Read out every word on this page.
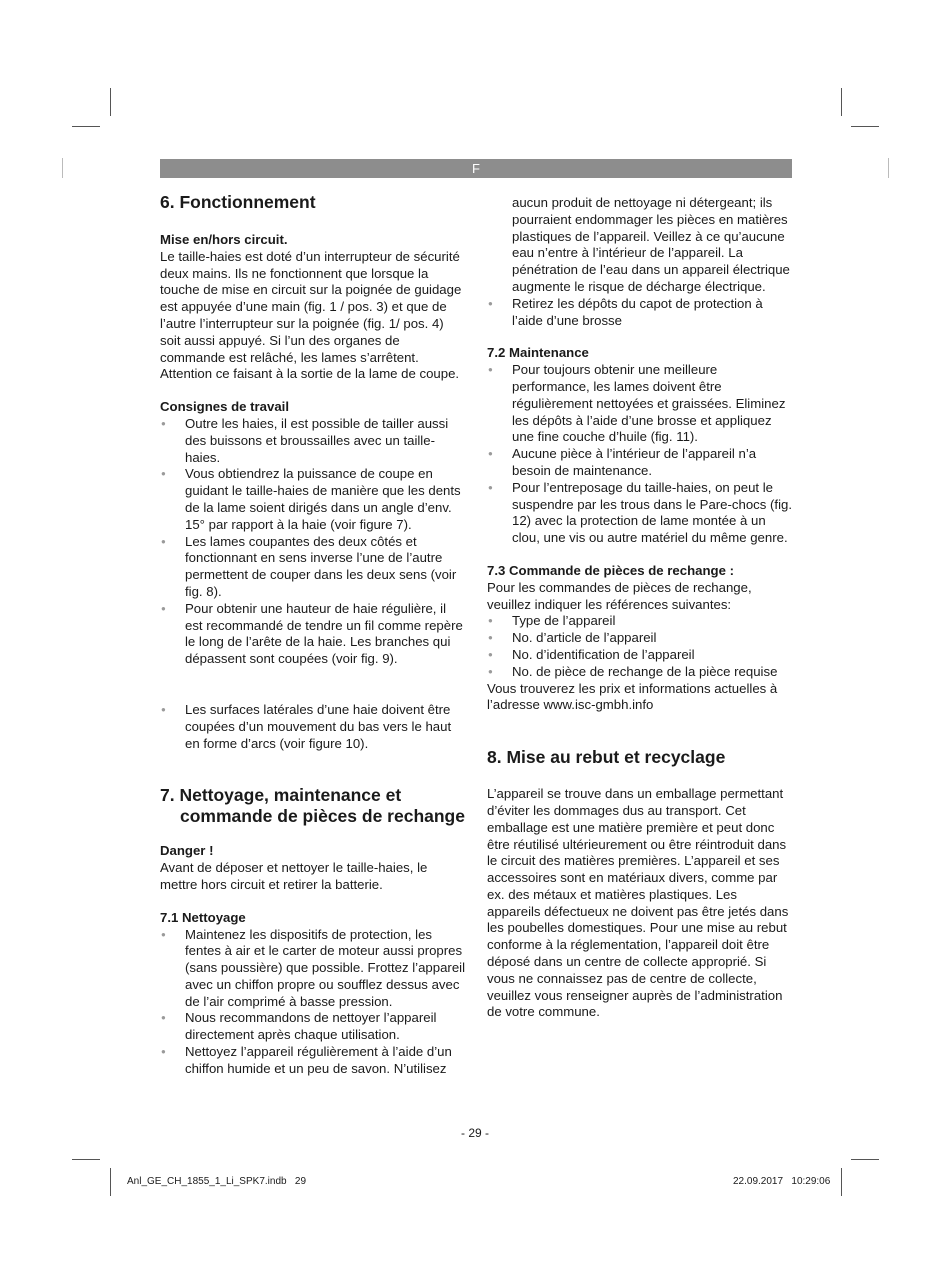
F
6. Fonctionnement
Mise en/hors circuit.

Le taille-haies est doté d’un interrupteur de sécurité deux mains. Ils ne fonctionnent que lorsque la touche de mise en circuit sur la poignée de guidage est appuyée d’une main (fig. 1 / pos. 3) et que de l’autre l’interrupteur sur la poignée (fig. 1/ pos. 4) soit aussi appuyé. Si l’un des organes de commande est relâché, les lames s’arrêtent. Attention ce faisant à la sortie de la lame de coupe.

Consignes de travail
● Outre les haies, il est possible de tailler aussi des buissons et broussailles avec un taille-haies.
● Vous obtiendrez la puissance de coupe en guidant le taille-haies de manière que les dents de la lame soient dirigés dans un angle d’env. 15° par rapport à la haie (voir figure 7).
● Les lames coupantes des deux côtés et fonctionnant en sens inverse l’une de l’autre permettent de couper dans les deux sens (voir fig. 8).
● Pour obtenir une hauteur de haie régulière, il est recommandé de tendre un fil comme repère le long de l’arête de la haie. Les branches qui dépassent sont coupées (voir fig. 9).
● Les surfaces latérales d’une haie doivent être coupées d’un mouvement du bas vers le haut en forme d’arcs (voir figure 10).
7. Nettoyage, maintenance et commande de pièces de rechange
Danger !

Avant de déposer et nettoyer le taille-haies, le mettre hors circuit et retirer la batterie.

7.1 Nettoyage
● Maintenez les dispositifs de protection, les fentes à air et le carter de moteur aussi propres (sans poussière) que possible. Frottez l’appareil avec un chiffon propre ou soufflez dessus avec de l’air comprimé à basse pression.
● Nous recommandons de nettoyer l’appareil directement après chaque utilisation.
● Nettoyez l’appareil régulièrement à l’aide d’un chiffon humide et un peu de savon. N’utilisez

aucun produit de nettoyage ni détergeant; ils pourraient endommager les pièces en matières plastiques de l’appareil. Veillez à ce qu’aucune eau n’entre à l’intérieur de l’appareil. La pénétration de l’eau dans un appareil électrique augmente le risque de décharge électrique.

● Retirez les dépôts du capot de protection à l’aide d’une brosse
7.2 Maintenance
● Pour toujours obtenir une meilleure performance, les lames doivent être régulièrement nettoyées et graissées. Eliminez les dépôts à l’aide d’une brosse et appliquez une fine couche d’huile (fig. 11).
● Aucune pièce à l’intérieur de l’appareil n’a besoin de maintenance.
● Pour l’entreposage du taille-haies, on peut le suspendre par les trous dans le Pare-chocs (fig. 12) avec la protection de lame montée à un clou, une vis ou autre matériel du même genre.
7.3 Commande de pièces de rechange :

Pour les commandes de pièces de rechange, veuillez indiquer les références suivantes:

● Type de l’appareil
● No. d’article de l’appareil
● No. d’identification de l’appareil
● No. de pièce de rechange de la pièce requise

Vous trouverez les prix et informations actuelles à l’adresse www.isc-gmbh.info

8. Mise au rebut et recyclage

L’appareil se trouve dans un emballage permettant d’éviter les dommages dus au transport. Cet emballage est une matière première et peut donc être réutilisé ultérieurement ou être réintroduit dans le circuit des matières premières. L’appareil et ses accessoires sont en matériaux divers, comme par ex. des métaux et matières plastiques. Les appareils défectueux ne doivent pas être jetés dans les poubelles domestiques. Pour une mise au rebut conforme à la réglementation, l’appareil doit être déposé dans un centre de collecte approprié. Si vous ne connaissez pas de centre de collecte, veuillez vous renseigner auprès de l’administration de votre commune.

- 29 -
Anl_GE_CH_1855_1_Li_SPK7.indb   29	22.09.2017   10:29:06
